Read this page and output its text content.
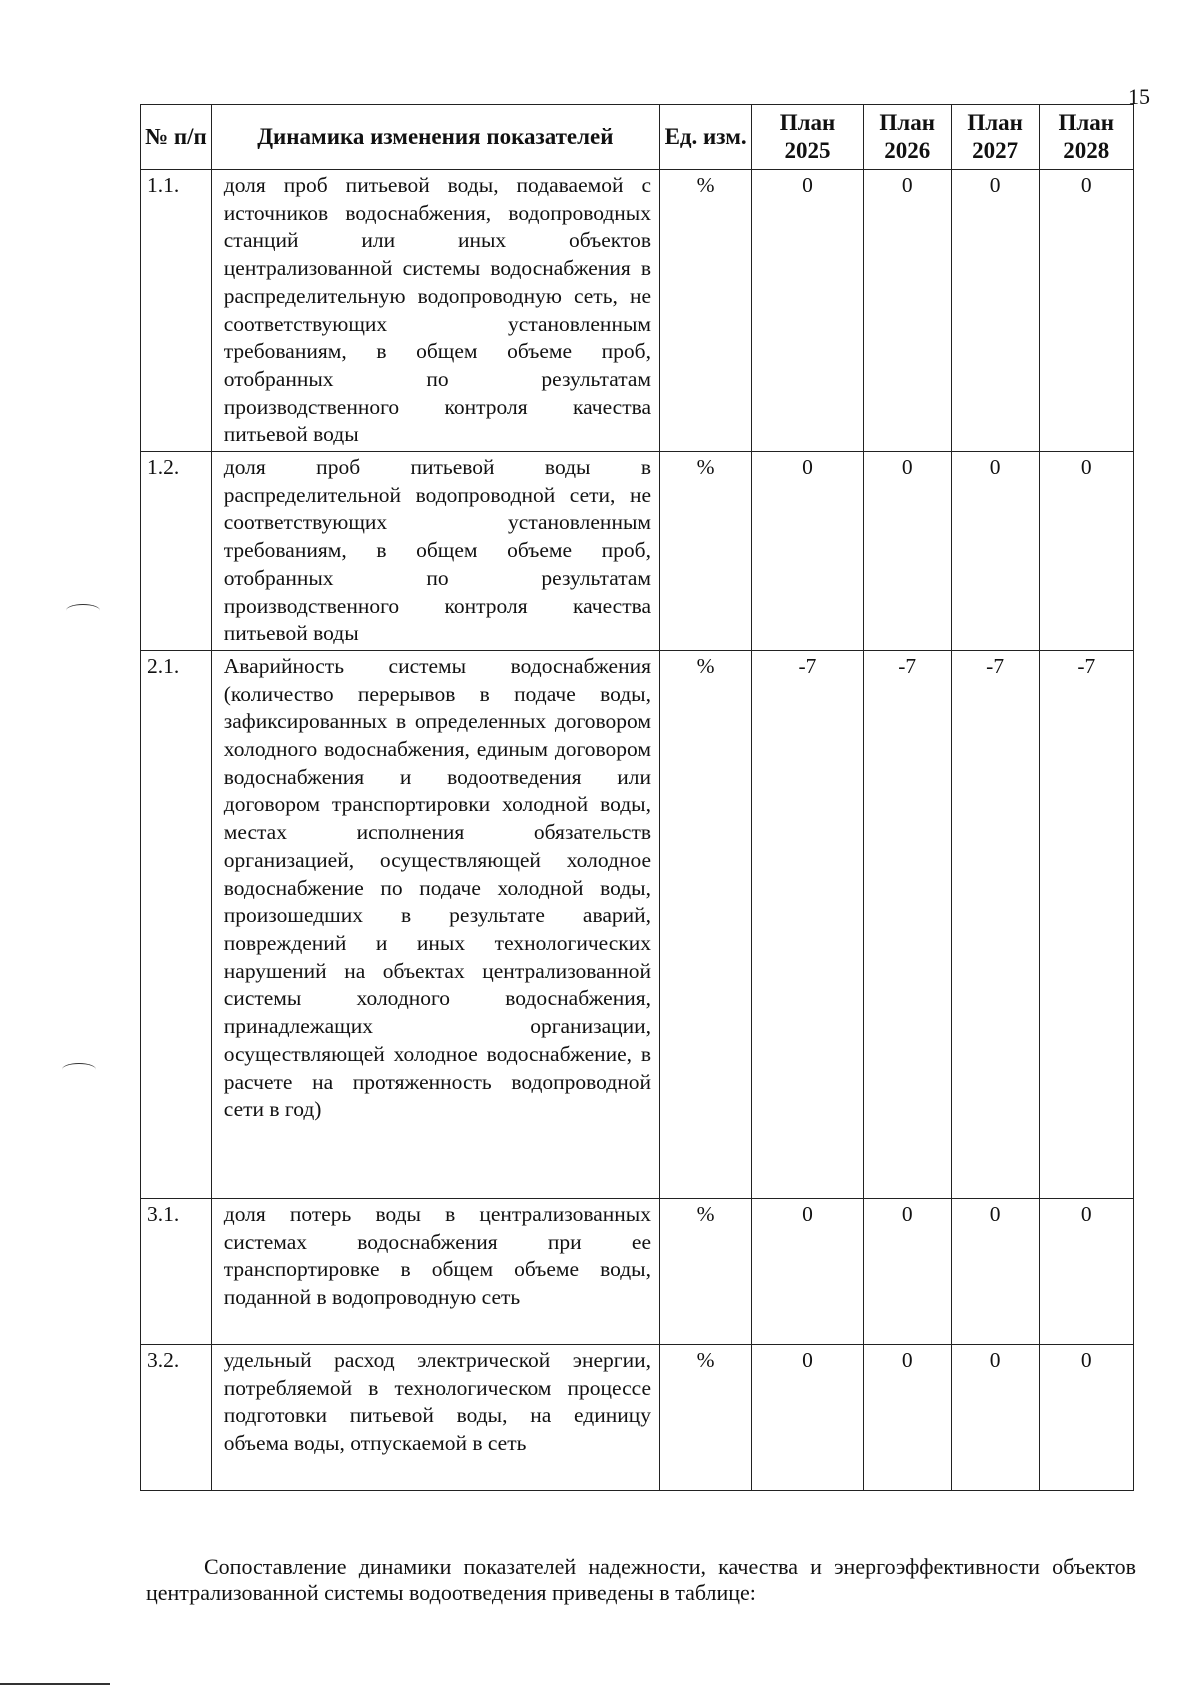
15
№ п/п	Динамика изменения показателей	Ед. изм.	План 2025	План 2026	План 2027	План 2028
1.1.	доля проб питьевой воды, подаваемой с источников водоснабжения, водопроводных станций или иных объектов централизованной системы водоснабжения в распределительную водопроводную сеть, не соответствующих установленным требованиям, в общем объеме проб, отобранных по результатам производственного контроля качества питьевой воды	%	0	0	0	0
1.2.	доля проб питьевой воды в распределительной водопроводной сети, не соответствующих установленным требованиям, в общем объеме проб, отобранных по результатам производственного контроля качества питьевой воды	%	0	0	0	0
2.1.	Аварийность системы водоснабжения (количество перерывов в подаче воды, зафиксированных в определенных договором холодного водоснабжения, единым договором водоснабжения и водоотведения или договором транспортировки холодной воды, местах исполнения обязательств организацией, осуществляющей холодное водоснабжение по подаче холодной воды, произошедших в результате аварий, повреждений и иных технологических нарушений на объектах централизованной системы холодного водоснабжения, принадлежащих организации, осуществляющей холодное водоснабжение, в расчете на протяженность водопроводной сети в год)	%	-7	-7	-7	-7
3.1.	доля потерь воды в централизованных системах водоснабжения при ее транспортировке в общем объеме воды, поданной в водопроводную сеть	%	0	0	0	0
3.2.	удельный расход электрической энергии, потребляемой в технологическом процессе подготовки питьевой воды, на единицу объема воды, отпускаемой в сеть	%	0	0	0	0

Сопоставление динамики показателей надежности, качества и энергоэффективности объектов централизованной системы водоотведения приведены в таблице:
